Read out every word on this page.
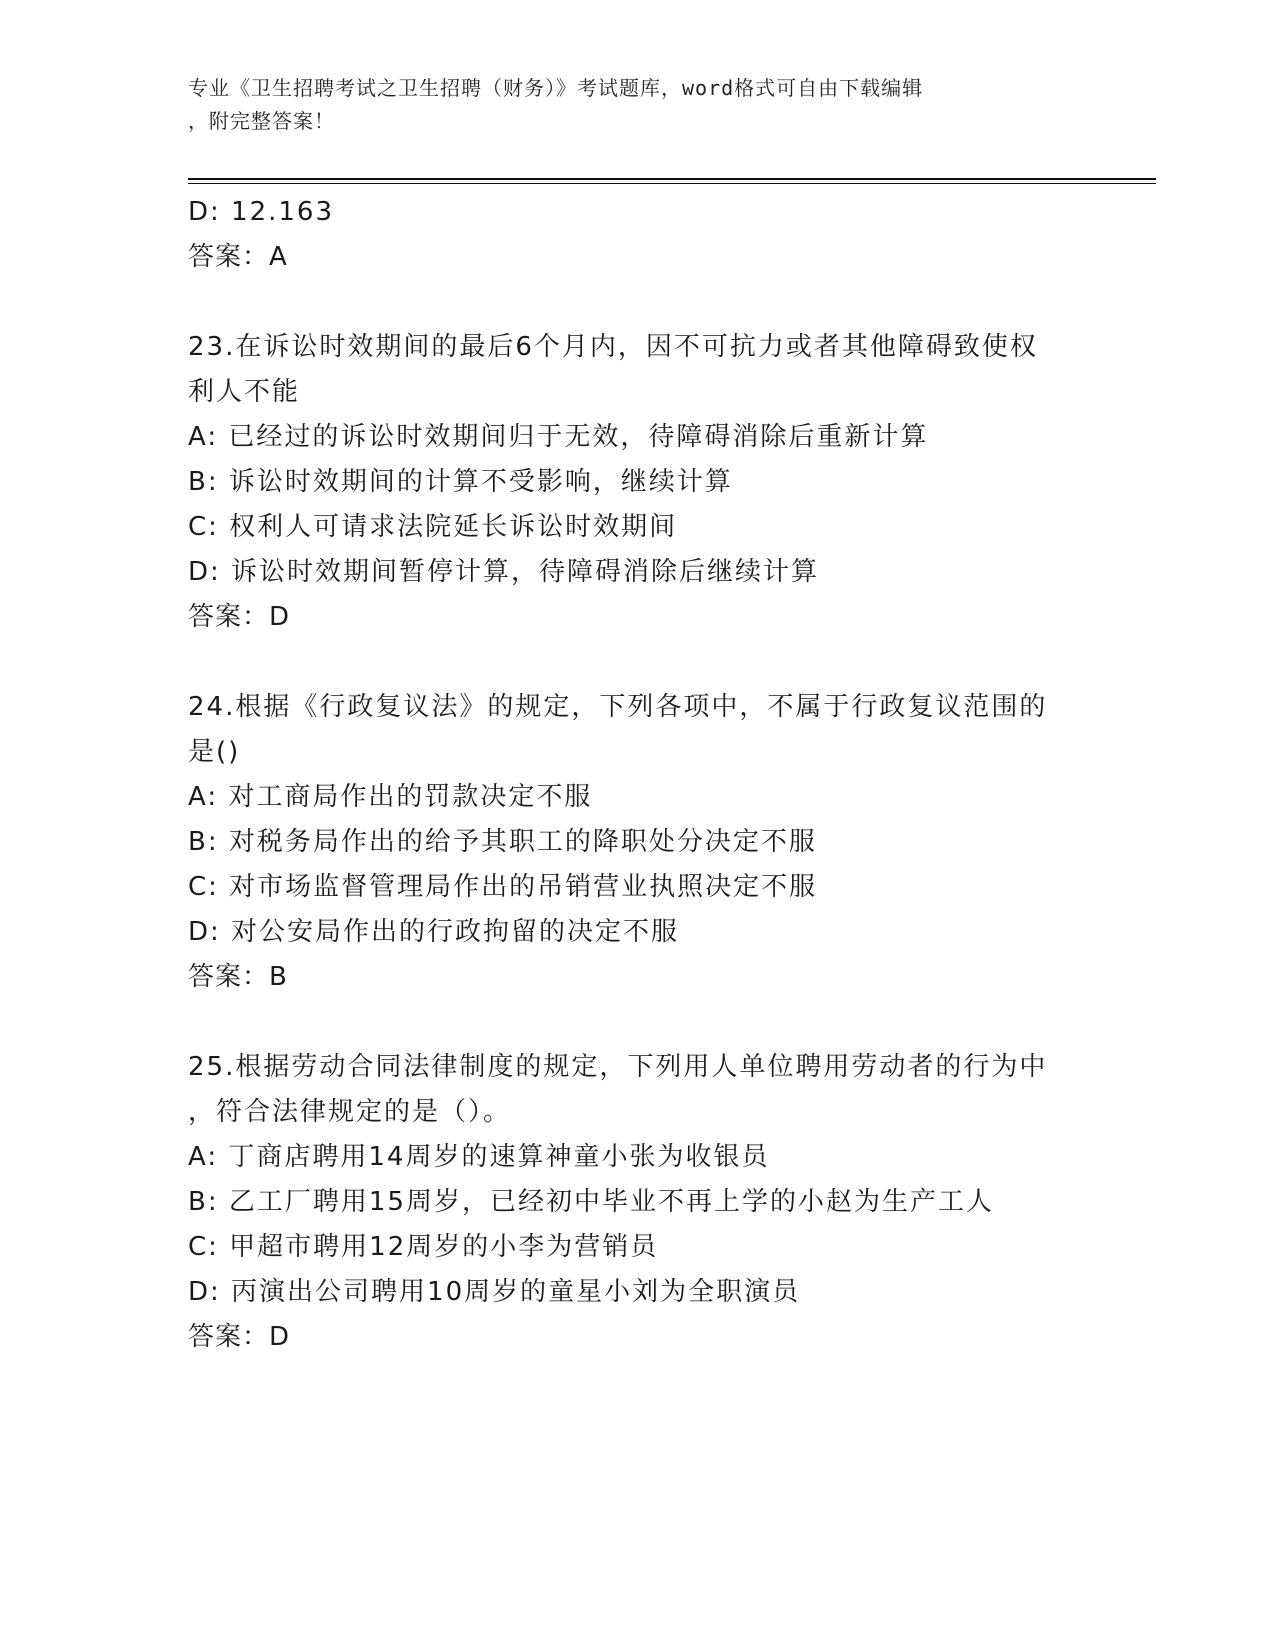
专业《卫生招聘考试之卫生招聘（财务）》考试题库，word格式可自由下载编辑
，附完整答案！
D: 12.163
答案：A
23.在诉讼时效期间的最后6个月内，因不可抗力或者其他障碍致使权
利人不能
A: 已经过的诉讼时效期间归于无效，待障碍消除后重新计算
B: 诉讼时效期间的计算不受影响，继续计算
C: 权利人可请求法院延长诉讼时效期间
D: 诉讼时效期间暂停计算，待障碍消除后继续计算
答案：D
24.根据《行政复议法》的规定，下列各项中，不属于行政复议范围的
是()
A: 对工商局作出的罚款决定不服
B: 对税务局作出的给予其职工的降职处分决定不服
C: 对市场监督管理局作出的吊销营业执照决定不服
D: 对公安局作出的行政拘留的决定不服
答案：B
25.根据劳动合同法律制度的规定，下列用人单位聘用劳动者的行为中
，符合法律规定的是（）。
A: 丁商店聘用14周岁的速算神童小张为收银员
B: 乙工厂聘用15周岁，已经初中毕业不再上学的小赵为生产工人
C: 甲超市聘用12周岁的小李为营销员
D: 丙演出公司聘用10周岁的童星小刘为全职演员
答案：D
